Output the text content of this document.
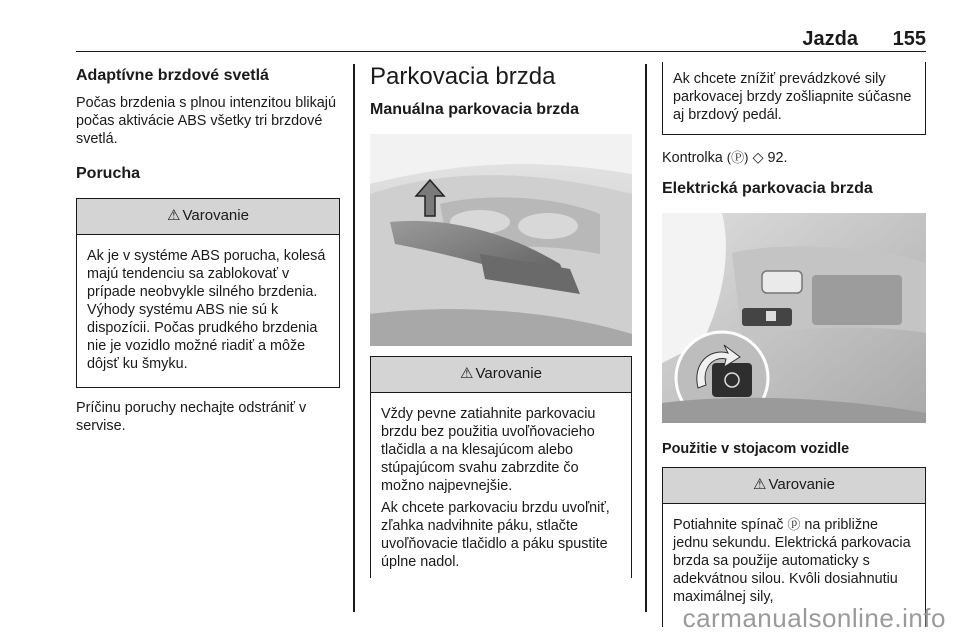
Jazda 155
Adaptívne brzdové svetlá

Počas brzdenia s plnou intenzitou blikajú počas aktivácie ABS všetky tri brzdové svetlá.

Porucha
⚠ Varovanie
Ak je v systéme ABS porucha, kolesá majú tendenciu sa zablokovať v prípade neobvykle silného brzdenia. Výhody systému ABS nie sú k dispozícii. Počas prudkého brzdenia nie je vozidlo možné riadiť a môže dôjsť ku šmyku.

Príčinu poruchy nechajte odstrániť v servise.

Parkovacia brzda
Manuálna parkovacia brzda
⚠ Varovanie

Vždy pevne zatiahnite parkovaciu brzdu bez použitia uvoľňovacieho tlačidla a na klesajúcom alebo stúpajúcom svahu zabrzdite čo možno najpevnejšie.

Ak chcete parkovaciu brzdu uvoľniť, zľahka nadvihnite páku, stlačte uvoľňovacie tlačidlo a páku spustite úplne nadol.

Ak chcete znížiť prevádzkové sily parkovacej brzdy zošliapnite súčasne aj brzdový pedál.

Kontrolka (Ⓟ) ◇ 92.

Elektrická parkovacia brzda
Použitie v stojacom vozidle
⚠ Varovanie
Potiahnite spínač ⓟ na približne jednu sekundu. Elektrická parkovacia brzda sa použije automaticky s adekvátnou silou. Kvôli dosiahnutiu maximálnej sily,
carmanualsonline.info
